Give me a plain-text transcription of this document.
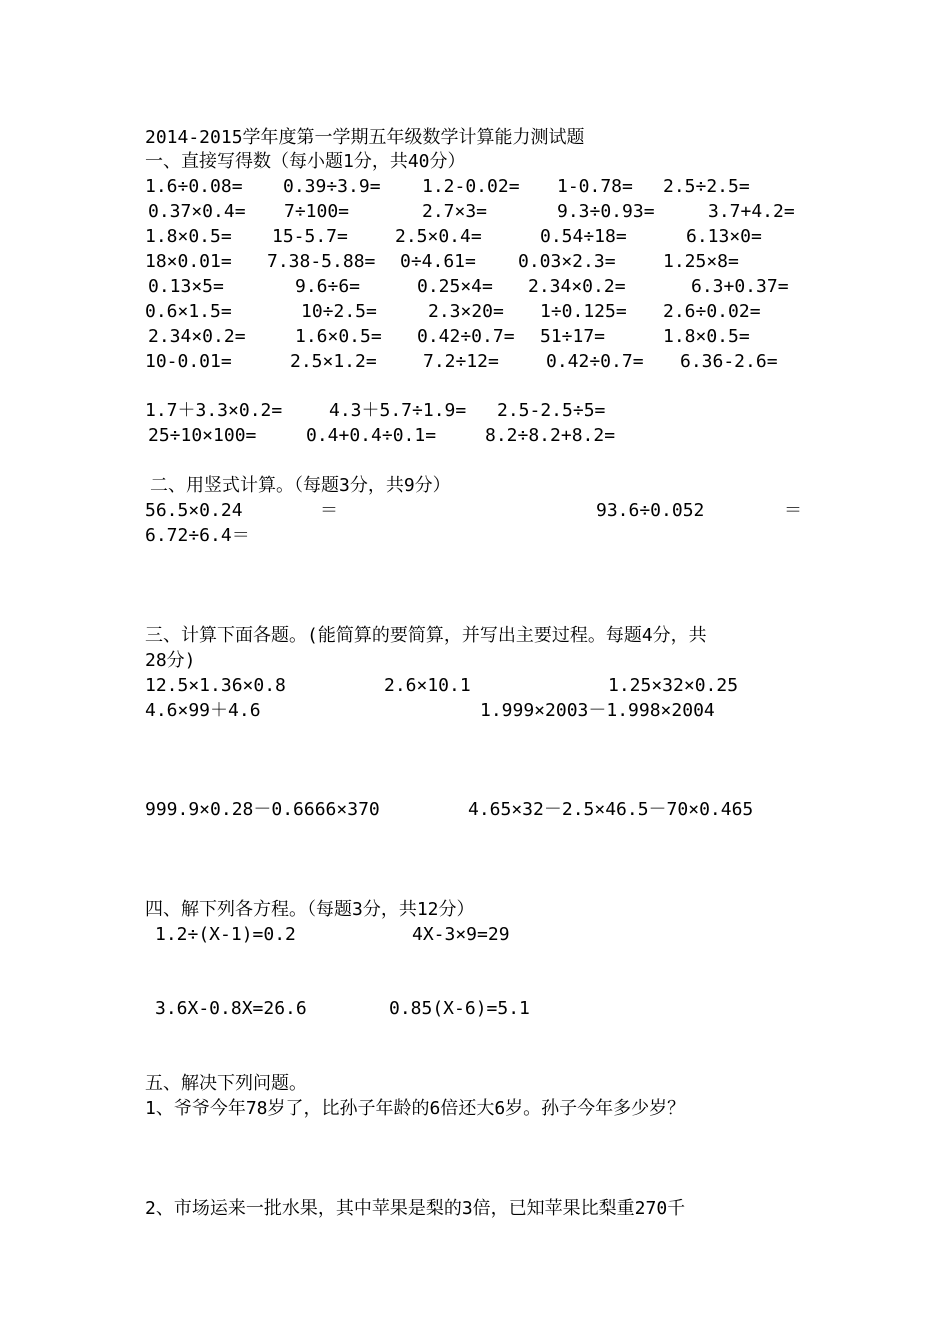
2014-2015学年度第一学期五年级数学计算能力测试题
一、直接写得数（每小题1分，共40分）
1.6÷0.08= 0.39÷3.9= 1.2-0.02= 1-0.78= 2.5÷2.5=
0.37×0.4= 7÷100=	2.7×3=	9.3÷0.93=	3.7+4.2=
1.8×0.5= 15-5.7=	2.5×0.4=	0.54÷18=	6.13×0=
18×0.01= 7.38-5.88= 0÷4.61= 0.03×2.3=	1.25×8=
0.13×5=	9.6÷6=	0.25×4= 2.34×0.2=	6.3+0.37=
0.6×1.5=	10÷2.5=	2.3×20= 1÷0.125= 2.6÷0.02=
2.34×0.2=	1.6×0.5= 0.42÷0.7= 51÷17=	1.8×0.5=
10-0.01=	2.5×1.2=	7.2÷12=	0.42÷0.7= 6.36-2.6=
1.7＋3.3×0.2=	4.3＋5.7÷1.9= 2.5-2.5÷5=
25÷10×100=	0.4+0.4÷0.1=	8.2÷8.2+8.2=
二、用竖式计算。（每题3分，共9分）
56.5×0.24	＝	93.6÷0.052	＝
6.72÷6.4＝
三、计算下面各题。(能简算的要简算，并写出主要过程。每题4分，共
28分)
12.5×1.36×0.8	2.6×10.1	1.25×32×0.25
4.6×99＋4.6	1.999×2003－1.998×2004
999.9×0.28－0.6666×370	4.65×32－2.5×46.5－70×0.465
四、解下列各方程。（每题3分，共12分）
1.2÷(X-1)=0.2	4X-3×9=29
3.6X-0.8X=26.6	0.85(X-6)=5.1
五、解决下列问题。
1、爷爷今年78岁了，比孙子年龄的6倍还大6岁。孙子今年多少岁？
2、市场运来一批水果，其中苹果是梨的3倍，已知苹果比梨重270千
